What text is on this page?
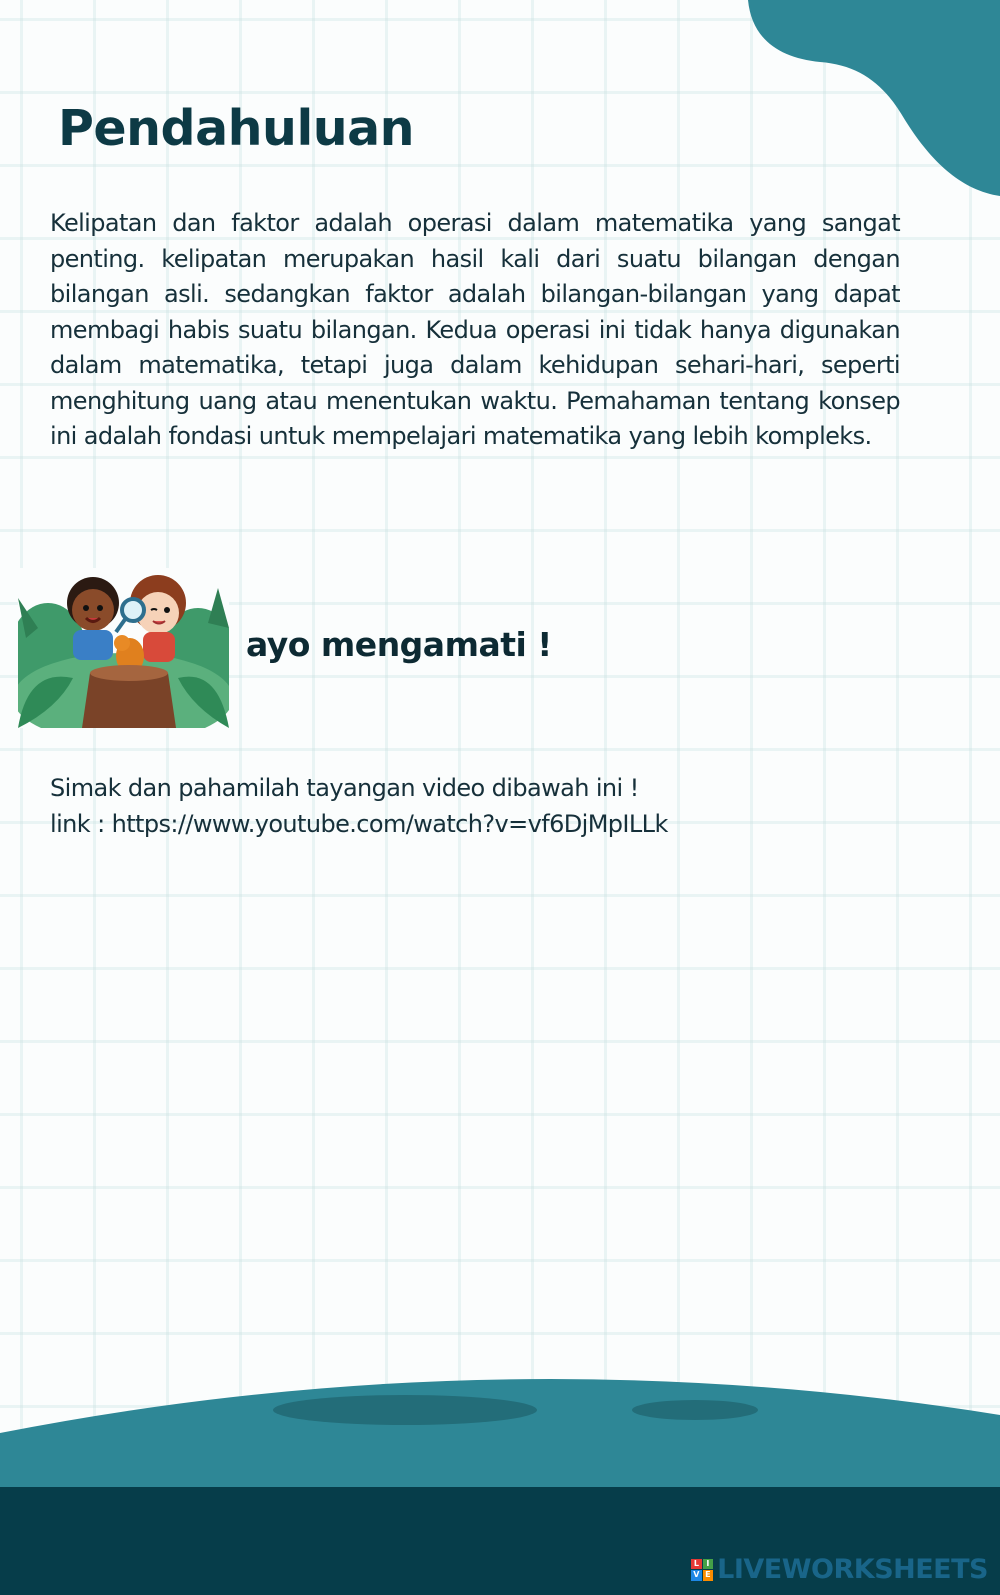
Pendahuluan

Kelipatan dan faktor adalah operasi dalam matematika yang sangat penting. kelipatan merupakan hasil kali dari suatu bilangan dengan bilangan asli. sedangkan faktor adalah bilangan-bilangan yang dapat membagi habis suatu bilangan. Kedua operasi ini tidak hanya digunakan dalam matematika, tetapi juga dalam kehidupan sehari-hari, seperti menghitung uang atau menentukan waktu. Pemahaman tentang konsep ini adalah fondasi untuk mempelajari matematika yang lebih kompleks.

ayo mengamati !
Simak dan pahamilah tayangan video dibawah ini !
link : https://www.youtube.com/watch?v=vf6DjMpILLk
L I
V E LIVEWORKSHEETS
